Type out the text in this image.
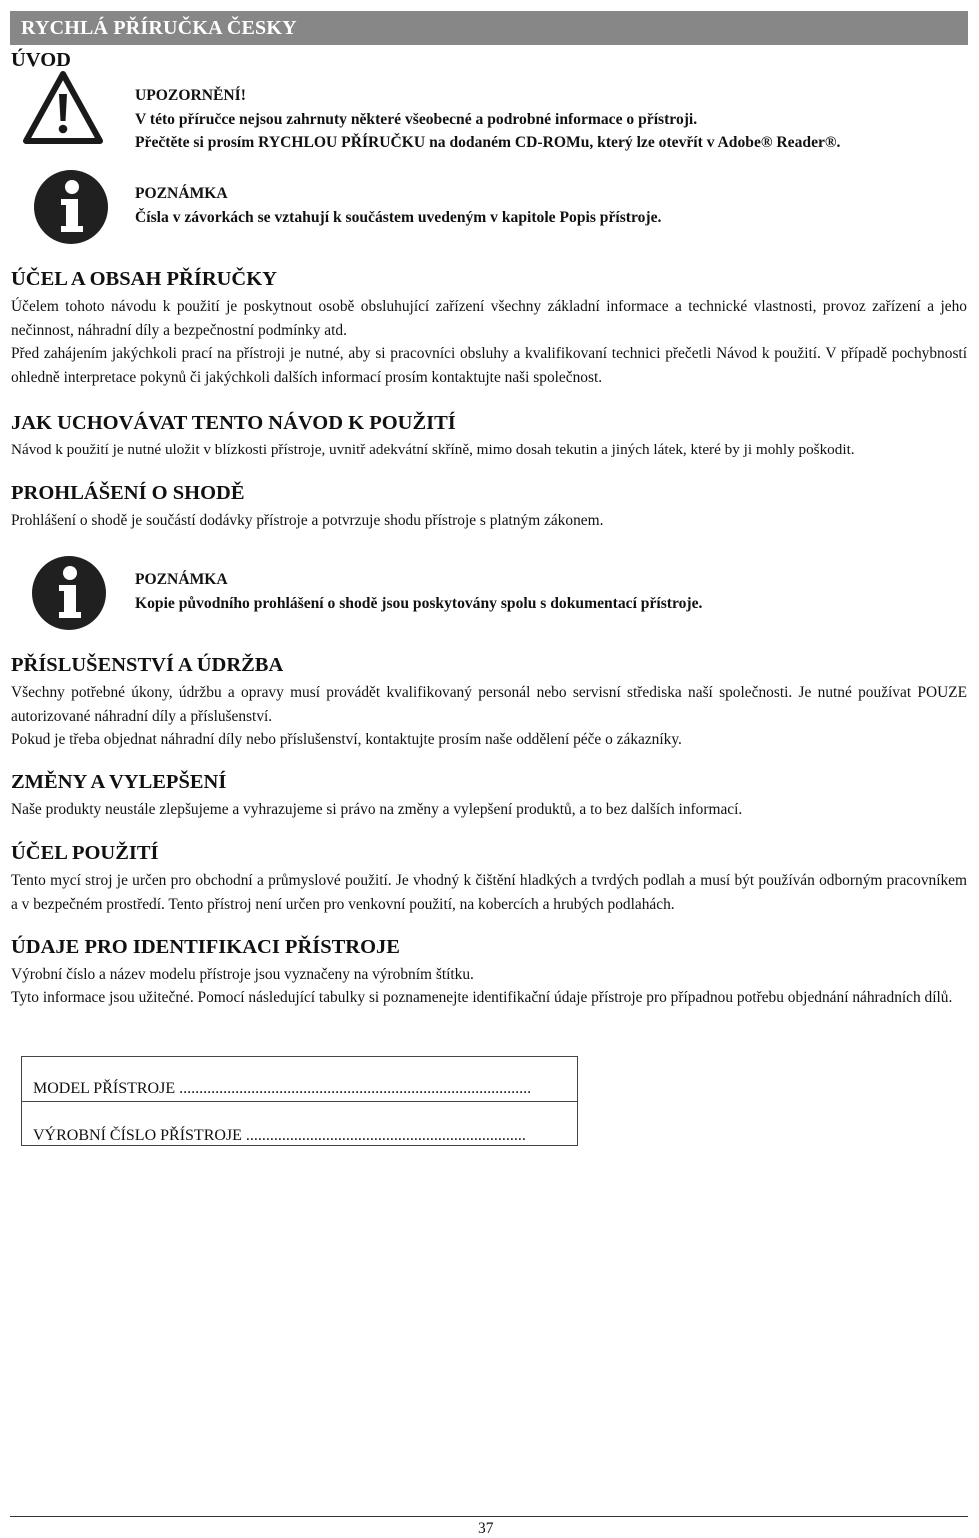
RYCHLÁ PŘÍRUČKA ČESKY
ÚVOD
UPOZORNĚNÍ!
V této příručce nejsou zahrnuty některé všeobecné a podrobné informace o přístroji.
Přečtěte si prosím RYCHLOU PŘÍRUČKU na dodaném CD-ROMu, který lze otevřít v Adobe® Reader®.
POZNÁMKA
Čísla v závorkách se vztahují k součástem uvedeným v kapitole Popis přístroje.
ÚČEL A OBSAH PŘÍRUČKY

Účelem tohoto návodu k použití je poskytnout osobě obsluhující zařízení všechny základní informace a technické vlastnosti, provoz zařízení a jeho nečinnost, náhradní díly a bezpečnostní podmínky atd.

Před zahájením jakýchkoli prací na přístroji je nutné, aby si pracovníci obsluhy a kvalifikovaní technici přečetli Návod k použití. V případě pochybností ohledně interpretace pokynů či jakýchkoli dalších informací prosím kontaktujte naši společnost.

JAK UCHOVÁVAT TENTO NÁVOD K POUŽITÍ

Návod k použití je nutné uložit v blízkosti přístroje, uvnitř adekvátní skříně, mimo dosah tekutin a jiných látek, které by ji mohly poškodit.

PROHLÁŠENÍ O SHODĚ

Prohlášení o shodě je součástí dodávky přístroje a potvrzuje shodu přístroje s platným zákonem.

POZNÁMKA
Kopie původního prohlášení o shodě jsou poskytovány spolu s dokumentací přístroje.
PŘÍSLUŠENSTVÍ A ÚDRŽBA

Všechny potřebné úkony, údržbu a opravy musí provádět kvalifikovaný personál nebo servisní střediska naší společnosti. Je nutné používat POUZE autorizované náhradní díly a příslušenství.

Pokud je třeba objednat náhradní díly nebo příslušenství, kontaktujte prosím naše oddělení péče o zákazníky.

ZMĚNY A VYLEPŠENÍ

Naše produkty neustále zlepšujeme a vyhrazujeme si právo na změny a vylepšení produktů, a to bez dalších informací.

ÚČEL POUŽITÍ

Tento mycí stroj je určen pro obchodní a průmyslové použití. Je vhodný k čištění hladkých a tvrdých podlah a musí být používán odborným pracovníkem a v bezpečném prostředí. Tento přístroj není určen pro venkovní použití, na kobercích a hrubých podlahách.

ÚDAJE PRO IDENTIFIKACI PŘÍSTROJE

Výrobní číslo a název modelu přístroje jsou vyznačeny na výrobním štítku.

Tyto informace jsou užitečné. Pomocí následující tabulky si poznamenejte identifikační údaje přístroje pro případnou potřebu objednání náhradních dílů.

MODEL PŘÍSTROJE ........................................................................................
VÝROBNÍ ČÍSLO PŘÍSTROJE ......................................................................
37
